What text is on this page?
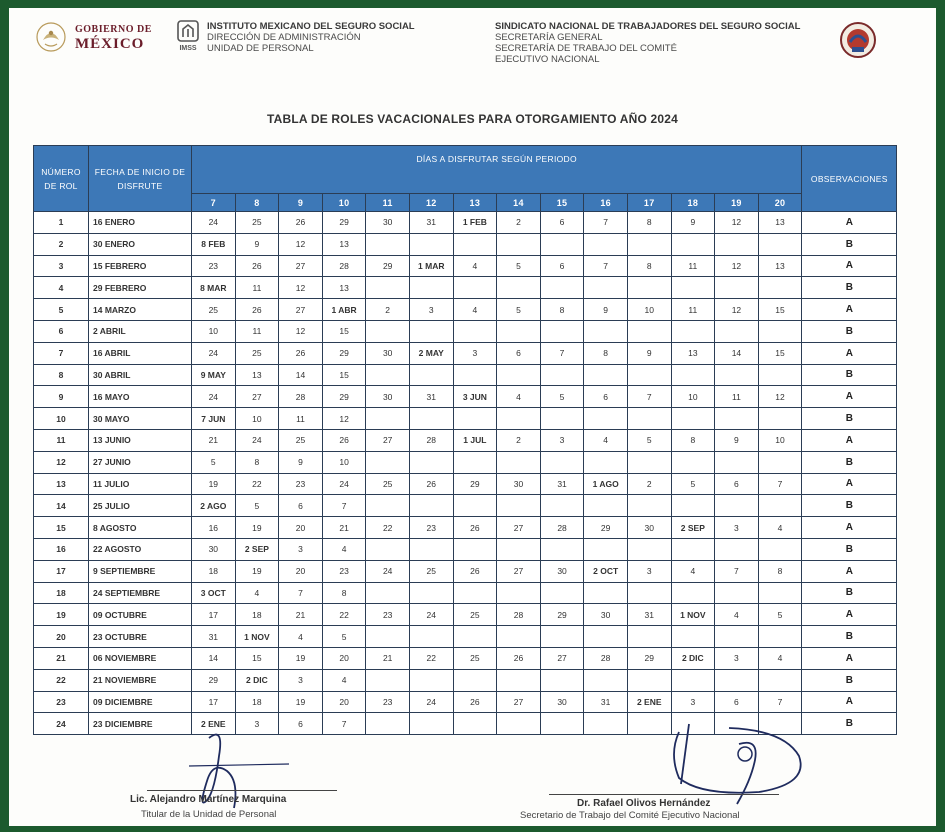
GOBIERNO DE
MÉXICO	IMSS
INSTITUTO MEXICANO DEL SEGURO SOCIAL
DIRECCIÓN DE ADMINISTRACIÓN
UNIDAD DE PERSONAL
SINDICATO NACIONAL DE TRABAJADORES DEL SEGURO SOCIAL
SECRETARÍA GENERAL
SECRETARÍA DE TRABAJO DEL COMITÉ
EJECUTIVO NACIONAL
TABLA DE ROLES VACACIONALES PARA OTORGAMIENTO AÑO 2024
NÚMERO DE ROL	FECHA DE INICIO DE DISFRUTE	DÍAS A DISFRUTAR SEGÚN PERIODO														OBSERVACIONES
		7	8	9	10	11	12	13	14	15	16	17	18	19	20	
1	16 ENERO	24	25	26	29	30	31	1 FEB	2	6	7	8	9	12	13	A
2	30 ENERO	8 FEB	9	12	13											B
3	15 FEBRERO	23	26	27	28	29	1 MAR	4	5	6	7	8	11	12	13	A
4	29 FEBRERO	8 MAR	11	12	13											B
5	14 MARZO	25	26	27	1 ABR	2	3	4	5	8	9	10	11	12	15	A
6	2 ABRIL	10	11	12	15											B
7	16 ABRIL	24	25	26	29	30	2 MAY	3	6	7	8	9	13	14	15	A
8	30 ABRIL	9 MAY	13	14	15											B
9	16 MAYO	24	27	28	29	30	31	3 JUN	4	5	6	7	10	11	12	A
10	30 MAYO	7 JUN	10	11	12											B
11	13 JUNIO	21	24	25	26	27	28	1 JUL	2	3	4	5	8	9	10	A
12	27 JUNIO	5	8	9	10											B
13	11 JULIO	19	22	23	24	25	26	29	30	31	1 AGO	2	5	6	7	A
14	25 JULIO	2 AGO	5	6	7											B
15	8 AGOSTO	16	19	20	21	22	23	26	27	28	29	30	2 SEP	3	4	A
16	22 AGOSTO	30	2 SEP	3	4											B
17	9 SEPTIEMBRE	18	19	20	23	24	25	26	27	30	2 OCT	3	4	7	8	A
18	24 SEPTIEMBRE	3 OCT	4	7	8											B
19	09 OCTUBRE	17	18	21	22	23	24	25	28	29	30	31	1 NOV	4	5	A
20	23 OCTUBRE	31	1 NOV	4	5											B
21	06 NOVIEMBRE	14	15	19	20	21	22	25	26	27	28	29	2 DIC	3	4	A
22	21 NOVIEMBRE	29	2 DIC	3	4											B
23	09 DICIEMBRE	17	18	19	20	23	24	26	27	30	31	2 ENE	3	6	7	A
24	23 DICIEMBRE	2 ENE	3	6	7											B
Lic. Alejandro Martínez Marquina
Titular de la Unidad de Personal
Dr. Rafael Olivos Hernández
Secretario de Trabajo del Comité Ejecutivo Nacional
